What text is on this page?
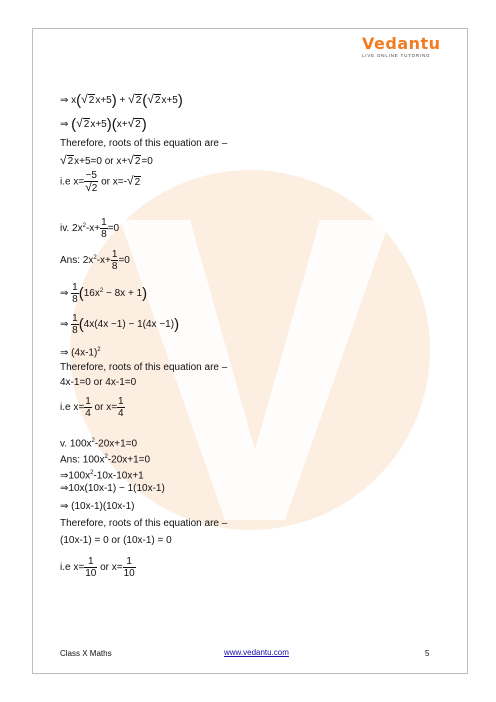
Vedantu
LIVE ONLINE TUTORING
⇒ x(√2x+5) + √2(√2x+5)
⇒ (√2x+5)(x+√2)
Therefore, roots of this equation are –
√2x+5=0 or x+√2=0
i.e $x= \frac{-5}{√2}$ or x=-√2
iv. $2x^2-x+ \frac{1}{8} =0$
Ans: $2x^2-x+ \frac{1}{8} =0$
⇒ $\frac{1}{8} (16x^2 - 8x + 1)$
⇒ $\frac{1}{8} (4x(4x -1) - 1(4x -1))$
⇒ $(4x-1)^2$
Therefore, roots of this equation are –
4x-1=0 or 4x-1=0
i.e $x= \frac{1}{4}$ or $x= \frac{1}{4}$
v. $100x^2-20x+1=0$
Ans: $100x^2-20x+1=0$
$\Rightarrow 100x^2-10x-10x+1$
⇒10x(10x-1) − 1(10x-1)
⇒ (10x-1)(10x-1)
Therefore, roots of this equation are –
(10x-1) = 0 or (10x-1) = 0
i.e $x= \frac{1}{10}$ or $x= \frac{1}{10}$
Class X Maths	www.vedantu.com	5
